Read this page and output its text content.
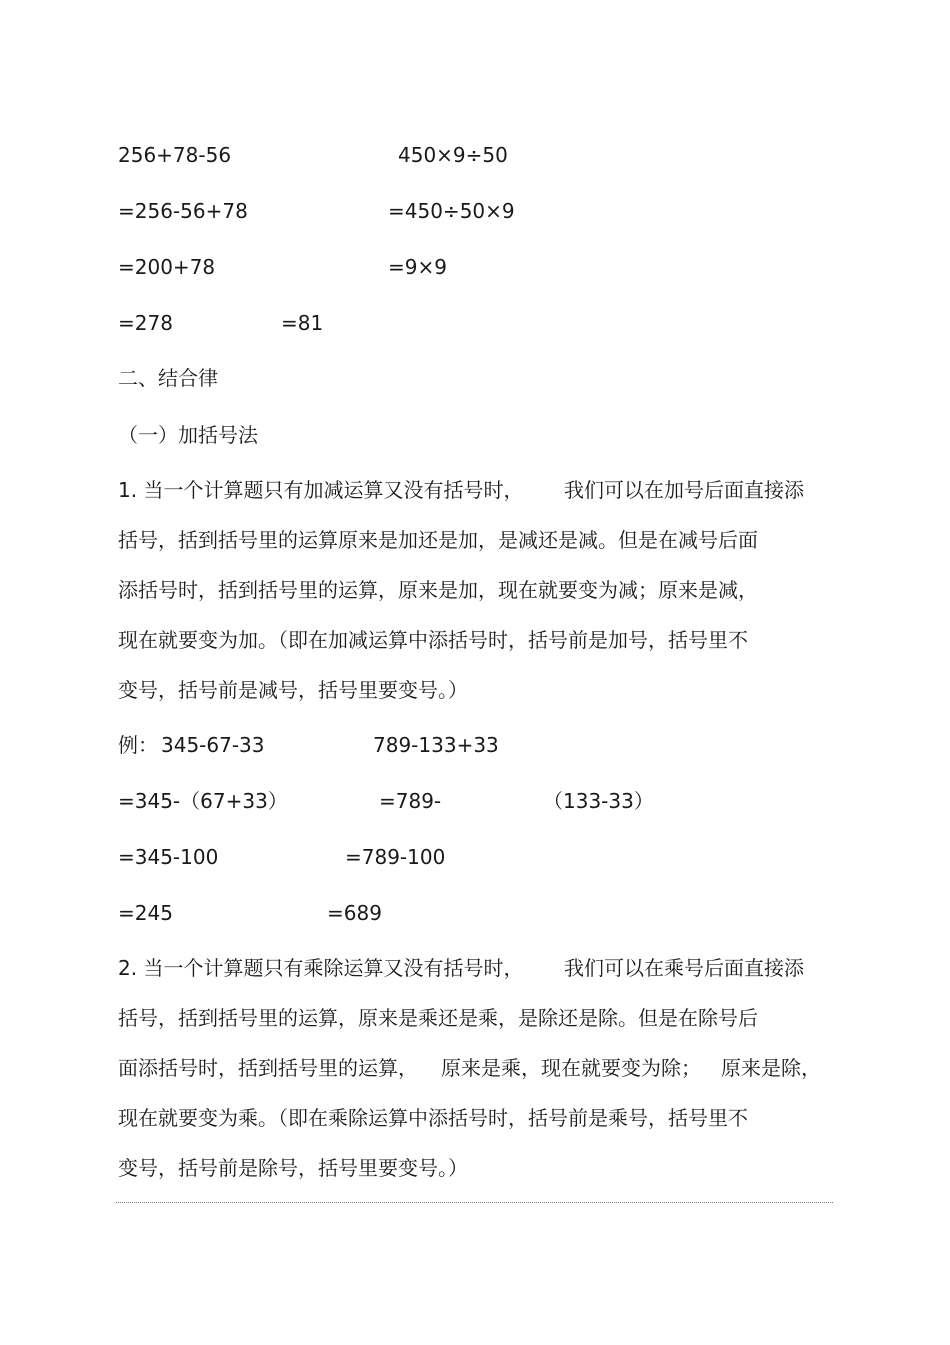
256+78-56	450×9÷50
=256-56+78	=450÷50×9
=200+78	=9×9
=278	=81
二、结合律
（一）加括号法
1. 当一个计算题只有加减运算又没有括号时， 我们可以在加号后面直接添
括号，括到括号里的运算原来是加还是加，是减还是减。但是在减号后面
添括号时，括到括号里的运算，原来是加，现在就要变为减；原来是减，
现在就要变为加。（即在加减运算中添括号时，括号前是加号，括号里不
变号，括号前是减号，括号里要变号。）
例： 345-67-33	789-133+33
=345-（67+33）	=789-	（133-33）
=345-100	=789-100
=245	=689
2. 当一个计算题只有乘除运算又没有括号时， 我们可以在乘号后面直接添
括号，括到括号里的运算，原来是乘还是乘，是除还是除。但是在除号后
面添括号时，括到括号里的运算， 原来是乘，现在就要变为除； 原来是除，
现在就要变为乘。（即在乘除运算中添括号时，括号前是乘号，括号里不
变号，括号前是除号，括号里要变号。）
